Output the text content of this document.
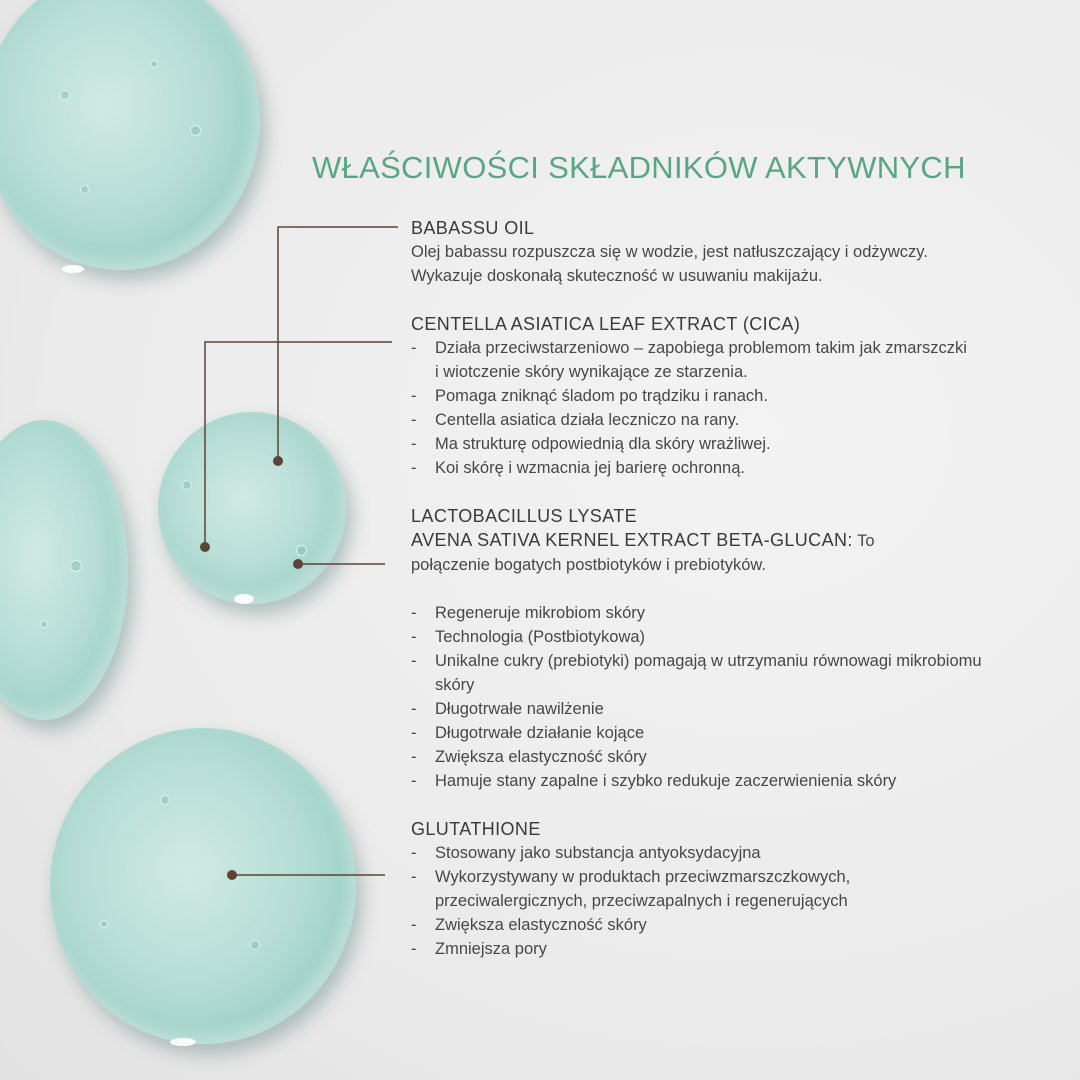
WŁAŚCIWOŚCI SKŁADNIKÓW AKTYWNYCH
BABASSU OIL
Olej babassu rozpuszcza się w wodzie, jest natłuszczający i odżywczy.
Wykazuje doskonałą skuteczność w usuwaniu makijażu.
CENTELLA ASIATICA LEAF EXTRACT (CICA)
- Działa przeciwstarzeniowo – zapobiega problemom takim jak zmarszczki i wiotczenie skóry wynikające ze starzenia.
- Pomaga zniknąć śladom po trądziku i ranach.
- Centella asiatica działa leczniczo na rany.
- Ma strukturę odpowiednią dla skóry wrażliwej.
- Koi skórę i wzmacnia jej barierę ochronną.
LACTOBACILLUS LYSATE
AVENA SATIVA KERNEL EXTRACT BETA-GLUCAN: To
połączenie bogatych postbiotyków i prebiotyków.
- Regeneruje mikrobiom skóry
- Technologia (Postbiotykowa)
- Unikalne cukry (prebiotyki) pomagają w utrzymaniu równowagi mikrobiomu skóry
- Długotrwałe nawilżenie
- Długotrwałe działanie kojące
- Zwiększa elastyczność skóry
- Hamuje stany zapalne i szybko redukuje zaczerwienienia skóry
GLUTATHIONE
- Stosowany jako substancja antyoksydacyjna
- Wykorzystywany w produktach przeciwzmarszczkowych, przeciwalergicznych, przeciwzapalnych i regenerujących
- Zwiększa elastyczność skóry
- Zmniejsza pory
